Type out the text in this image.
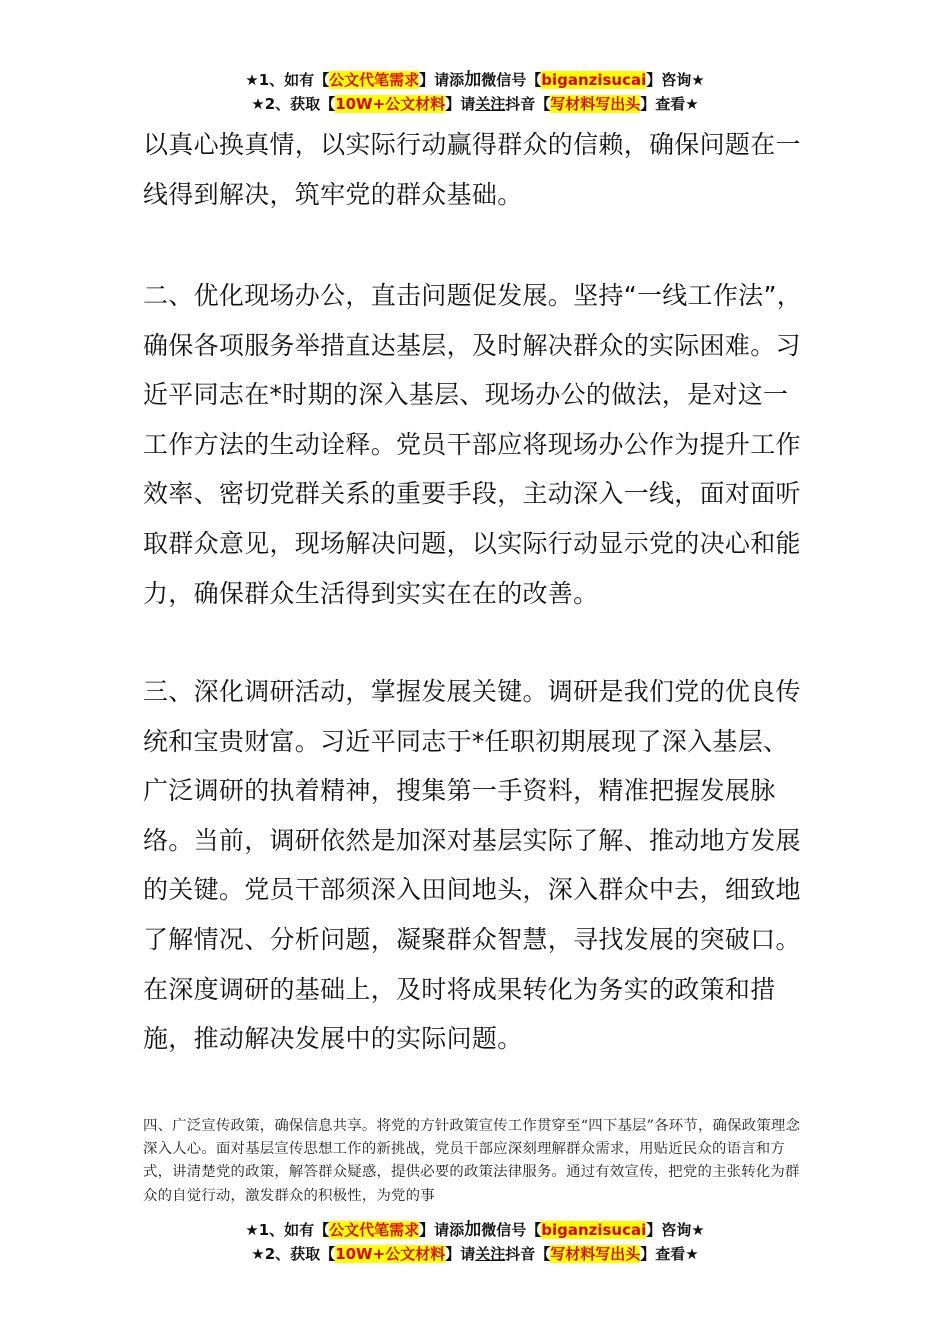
★1、如有【公文代笔需求】请添加微信号【biganzisucai】咨询★
★2、获取【10W+公文材料】请关注抖音【写材料写出头】查看★

以真心换真情，以实际行动赢得群众的信赖，确保问题在一线得到解决，筑牢党的群众基础。

二、优化现场办公，直击问题促发展。坚持“一线工作法”，确保各项服务举措直达基层，及时解决群众的实际困难。习近平同志在*时期的深入基层、现场办公的做法，是对这一工作方法的生动诠释。党员干部应将现场办公作为提升工作效率、密切党群关系的重要手段，主动深入一线，面对面听取群众意见，现场解决问题，以实际行动显示党的决心和能力，确保群众生活得到实实在在的改善。

三、深化调研活动，掌握发展关键。调研是我们党的优良传统和宝贵财富。习近平同志于*任职初期展现了深入基层、广泛调研的执着精神，搜集第一手资料，精准把握发展脉络。当前，调研依然是加深对基层实际了解、推动地方发展的关键。党员干部须深入田间地头，深入群众中去，细致地了解情况、分析问题，凝聚群众智慧，寻找发展的突破口。在深度调研的基础上，及时将成果转化为务实的政策和措施，推动解决发展中的实际问题。

四、广泛宣传政策，确保信息共享。将党的方针政策宣传工作贯穿至“四下基层”各环节，确保政策理念深入人心。面对基层宣传思想工作的新挑战，党员干部应深刻理解群众需求，用贴近民众的语言和方式，讲清楚党的政策，解答群众疑惑，提供必要的政策法律服务。通过有效宣传，把党的主张转化为群众的自觉行动，激发群众的积极性，为党的事

★1、如有【公文代笔需求】请添加微信号【biganzisucai】咨询★
★2、获取【10W+公文材料】请关注抖音【写材料写出头】查看★
